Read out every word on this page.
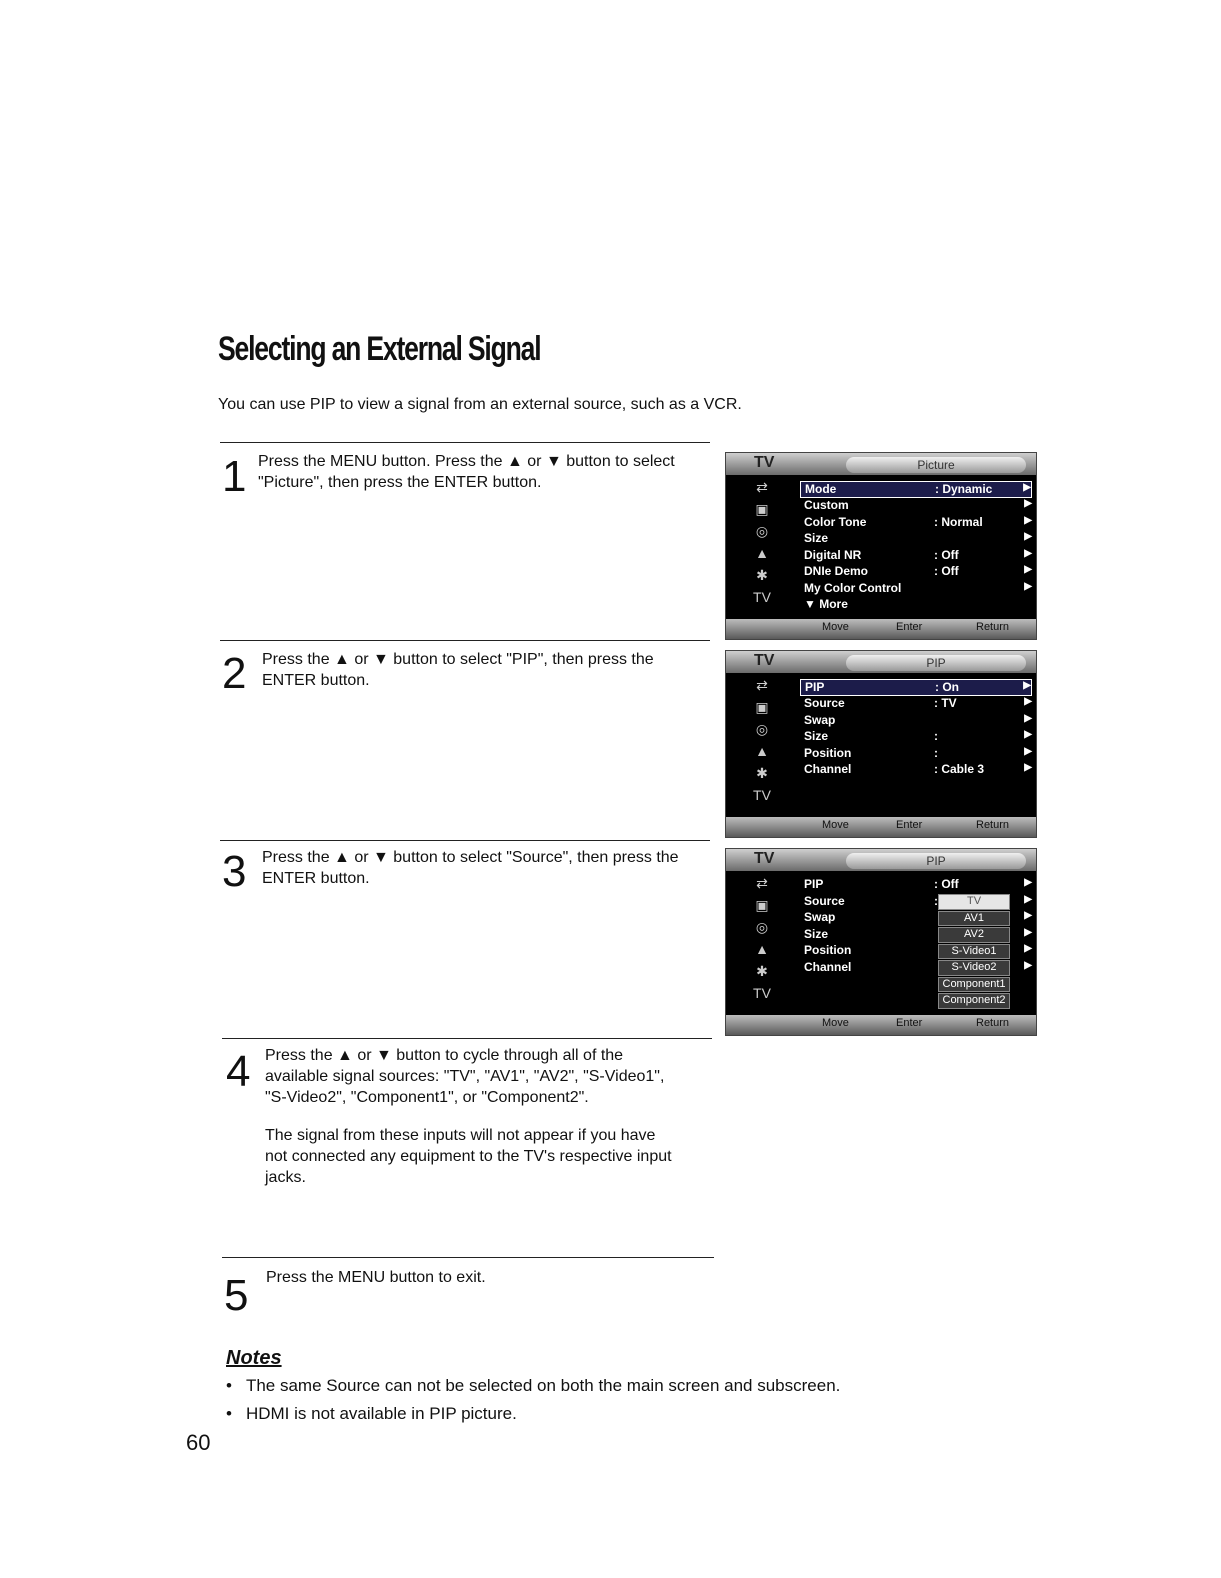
Selecting an External Signal
You can use PIP to view a signal from an external source, such as a VCR.
1 Press the MENU button. Press the ▲ or ▼ button to select "Picture", then press the ENTER button.
TV	Picture
⇄
▣
◎
▲
✱
TV
Mode	: Dynamic	▶
Custom	▶
Color Tone	: Normal	▶
Size	▶
Digital NR	: Off	▶
DNIe Demo	: Off	▶
My Color Control	▶
▼ More
Move	Enter	Return
2 Press the ▲ or ▼ button to select "PIP", then press the ENTER button.
TV	PIP
⇄
▣
◎
▲
✱
TV
PIP	: On	▶
Source	: TV	▶
Swap	▶
Size	:	▶
Position	:	▶
Channel	: Cable 3	▶
Move	Enter	Return
3 Press the ▲ or ▼ button to select "Source", then press the ENTER button.
TV	PIP
⇄
▣
◎
▲
✱
TV
PIP	: Off	▶
Source	:	▶
Swap	▶
Size	▶
Position	▶
Channel	▶
TV
AV1
AV2
S-Video1
S-Video2
Component1
Component2
Move	Enter	Return
4 Press the ▲ or ▼ button to cycle through all of the available signal sources: "TV", "AV1", "AV2", "S-Video1", "S-Video2", "Component1", or "Component2".

The signal from these inputs will not appear if you have not connected any equipment to the TV's respective input jacks.

5 Press the MENU button to exit.
Notes
• The same Source can not be selected on both the main screen and subscreen.
• HDMI is not available in PIP picture.
60
